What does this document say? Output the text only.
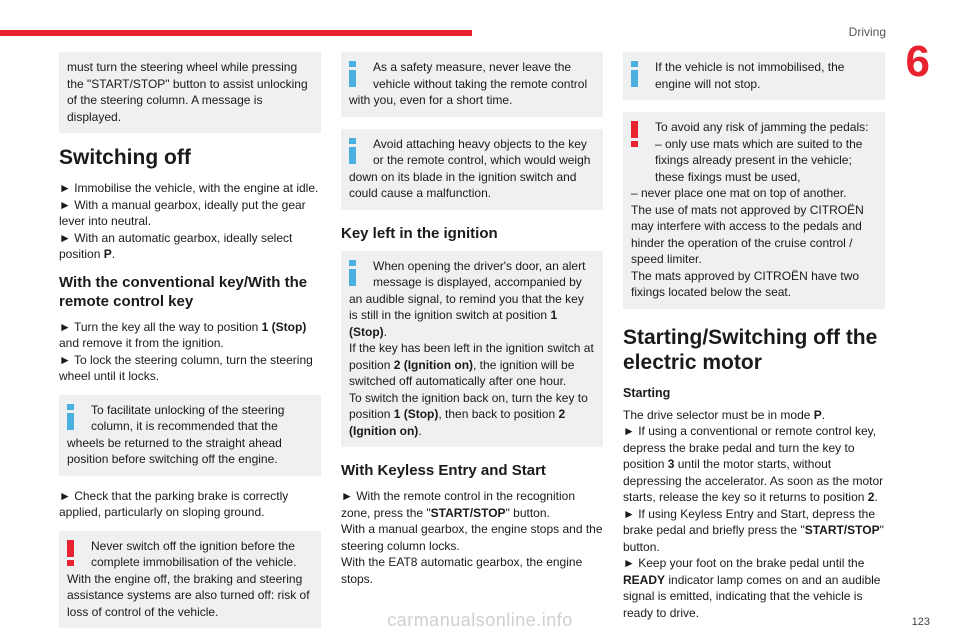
Driving
6
must turn the steering wheel while pressing the "START/STOP" button to assist unlocking of the steering column. A message is displayed.
Switching off

► Immobilise the vehicle, with the engine at idle.
► With a manual gearbox, ideally put the gear lever into neutral.
► With an automatic gearbox, ideally select position P.

With the conventional key/With the remote control key

► Turn the key all the way to position 1 (Stop) and remove it from the ignition.
► To lock the steering column, turn the steering wheel until it locks.

To facilitate unlocking of the steering column, it is recommended that the
wheels be returned to the straight ahead position before switching off the engine.

► Check that the parking brake is correctly applied, particularly on sloping ground.

Never switch off the ignition before the complete immobilisation of the vehicle.
With the engine off, the braking and steering assistance systems are also turned off: risk of loss of control of the vehicle.
As a safety measure, never leave the vehicle without taking the remote control
with you, even for a short time.
Avoid attaching heavy objects to the key or the remote control, which would weigh
down on its blade in the ignition switch and could cause a malfunction.
Key left in the ignition
When opening the driver's door, an alert message is displayed, accompanied by
an audible signal, to remind you that the key is still in the ignition switch at position 1 (Stop).
If the key has been left in the ignition switch at position 2 (Ignition on), the ignition will be switched off automatically after one hour.
To switch the ignition back on, turn the key to position 1 (Stop), then back to position 2 (Ignition on).
With Keyless Entry and Start

► With the remote control in the recognition zone, press the "START/STOP" button.
With a manual gearbox, the engine stops and the steering column locks.
With the EAT8 automatic gearbox, the engine stops.

If the vehicle is not immobilised, the engine will not stop.
To avoid any risk of jamming the pedals:
– only use mats which are suited to the fixings already present in the vehicle; these fixings must be used,
– never place one mat on top of another.
The use of mats not approved by CITROËN may interfere with access to the pedals and hinder the operation of the cruise control / speed limiter.
The mats approved by CITROËN have two fixings located below the seat.
Starting/Switching off the electric motor
Starting

The drive selector must be in mode P.
► If using a conventional or remote control key, depress the brake pedal and turn the key to position 3 until the motor starts, without depressing the accelerator. As soon as the motor starts, release the key so it returns to position 2.
► If using Keyless Entry and Start, depress the brake pedal and briefly press the "START/STOP" button.
► Keep your foot on the brake pedal until the READY indicator lamp comes on and an audible signal is emitted, indicating that the vehicle is ready to drive.

carmanualsonline.info	123
